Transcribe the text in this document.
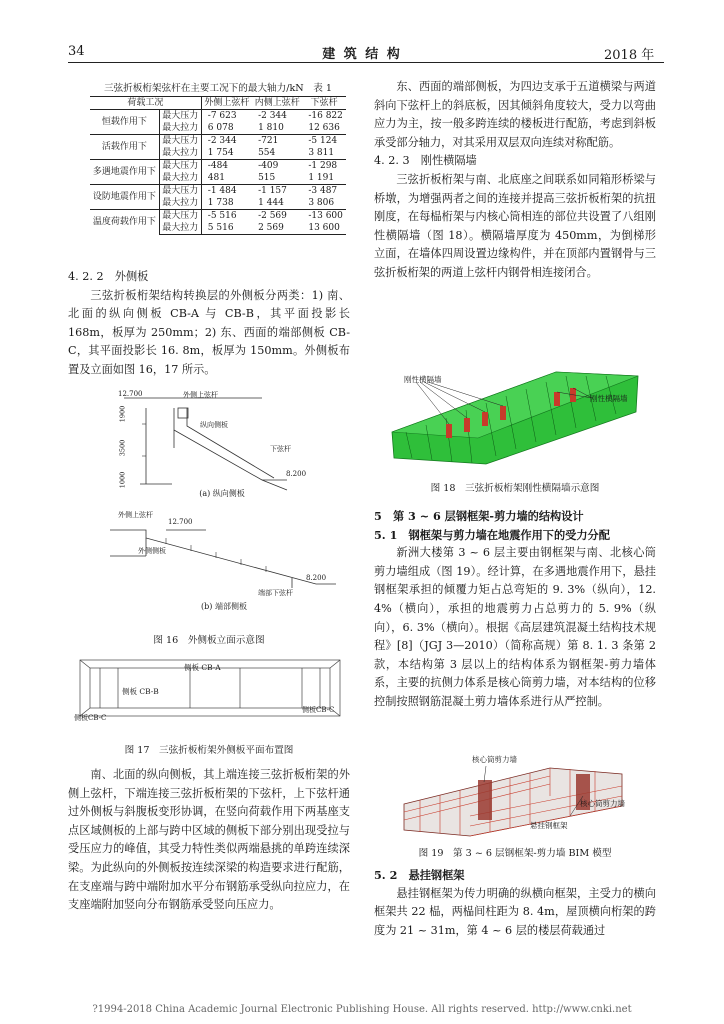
34	建 筑 结 构	2018 年
三弦折板桁架弦杆在主要工况下的最大轴力/kN　表 1
荷载工况		外侧上弦杆	内侧上弦杆	下弦杆
恒载作用下	最大压力	-7 623	-2 344	-16 822
	最大拉力	6 078	1 810	12 636
活载作用下	最大压力	-2 344	-721	-5 124
	最大拉力	1 754	554	3 811
多遇地震作用下	最大压力	-484	-409	-1 298
	最大拉力	481	515	1 191
设防地震作用下	最大压力	-1 484	-1 157	-3 487
	最大拉力	1 738	1 444	3 806
温度荷载作用下	最大压力	-5 516	-2 569	-13 600
	最大拉力	5 516	2 569	13 600

4. 2. 2　外侧板

三弦折板桁架结构转换层的外侧板分两类：1) 南、北面的纵向侧板 CB-A 与 CB-B，其平面投影长 168m，板厚为 250mm；2) 东、西面的端部侧板 CB-C，其平面投影长 16. 8m，板厚为 150mm。外侧板布置及立面如图 16，17 所示。

12.700	外侧上弦杆
纵向侧板
下弦杆
8.200
1900
3500
1000
(a) 纵向侧板
外侧上弦杆
12.700
外侧侧板
8.200
端部下弦杆
(b) 端部侧板
图 16　外侧板立面示意图
侧板 CB-A
侧板 CB-B
侧板CB-C
侧板CB-C
图 17　三弦折板桁架外侧板平面布置图

南、北面的纵向侧板，其上端连接三弦折板桁架的外侧上弦杆，下端连接三弦折板桁架的下弦杆，上下弦杆通过外侧板与斜腹板变形协调，在竖向荷载作用下两基座支点区域侧板的上部与跨中区域的侧板下部分别出现受拉与受压应力的峰值，其受力特性类似两端悬挑的单跨连续深梁。为此纵向的外侧板按连续深梁的构造要求进行配筋，在支座端与跨中端附加水平分布钢筋承受纵向拉应力，在支座端附加竖向分布钢筋承受竖向压应力。

东、西面的端部侧板，为四边支承于五道横梁与两道斜向下弦杆上的斜底板，因其倾斜角度较大，受力以弯曲应力为主，按一般多跨连续的楼板进行配筋，考虑到斜板承受部分轴力，对其采用双层双向连续对称配筋。

4. 2. 3　刚性横隔墙

三弦折板桁架与南、北底座之间联系如同箱形桥梁与桥墩，为增强两者之间的连接并提高三弦折板桁架的抗扭刚度，在每榀桁架与内核心筒相连的部位共设置了八组刚性横隔墙（图 18）。横隔墙厚度为 450mm，为倒梯形立面，在墙体四周设置边缘构件，并在顶部内置钢骨与三弦折板桁架的两道上弦杆内钢骨相连接闭合。

刚性横隔墙
刚性横隔墙
图 18　三弦折板桁架刚性横隔墙示意图

5　第 3 ~ 6 层钢框架-剪力墙的结构设计

5. 1　钢框架与剪力墙在地震作用下的受力分配

新洲大楼第 3 ~ 6 层主要由钢框架与南、北核心筒剪力墙组成（图 19）。经计算，在多遇地震作用下，悬挂钢框架承担的倾覆力矩占总弯矩的 9. 3%（纵向），12. 4%（横向），承担的地震剪力占总剪力的 5. 9%（纵向），6. 3%（横向）。根据《高层建筑混凝土结构技术规程》[8]（JGJ 3—2010）（简称高规）第 8. 1. 3 条第 2 款，本结构第 3 层以上的结构体系为钢框架-剪力墙体系，主要的抗侧力体系是核心筒剪力墙，对本结构的位移控制按照钢筋混凝土剪力墙体系进行从严控制。

核心筒剪力墙
核心筒剪力墙
悬挂钢框架
图 19　第 3 ~ 6 层钢框架-剪力墙 BIM 模型

5. 2　悬挂钢框架

悬挂钢框架为传力明确的纵横向框架，主受力的横向框架共 22 榀，两榀间柱距为 8. 4m，屋顶横向桁架的跨度为 21 ~ 31m，第 4 ~ 6 层的楼层荷载通过

?1994-2018 China Academic Journal Electronic Publishing House. All rights reserved. http://www.cnki.net
